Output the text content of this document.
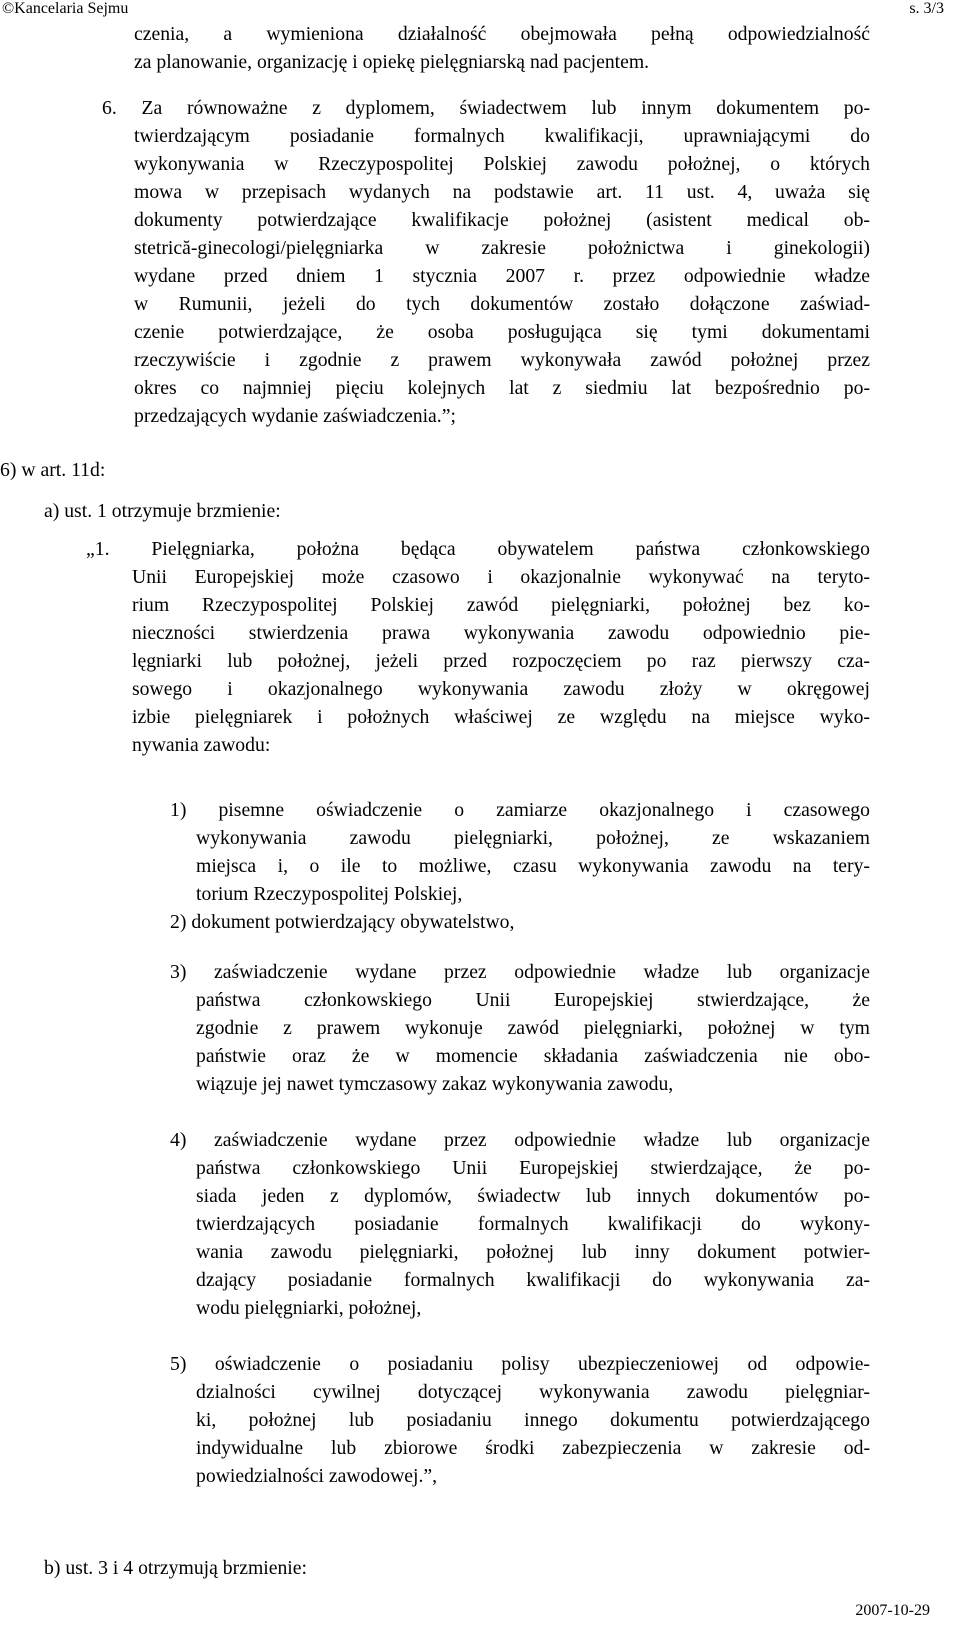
©Kancelaria Sejmu	s. 3/3
czenia, a wymieniona działalność obejmowała pełną odpowiedzialność
za planowanie, organizację i opiekę pielęgniarską nad pacjentem.
6. Za równoważne z dyplomem, świadectwem lub innym dokumentem po-
twierdzającym posiadanie formalnych kwalifikacji, uprawniającymi do
wykonywania w Rzeczypospolitej Polskiej zawodu położnej, o których
mowa w przepisach wydanych na podstawie art. 11 ust. 4, uważa się
dokumenty potwierdzające kwalifikacje położnej (asistent medical ob-
stetrică-ginecologi/pielęgniarka w zakresie położnictwa i ginekologii)
wydane przed dniem 1 stycznia 2007 r. przez odpowiednie władze
w Rumunii, jeżeli do tych dokumentów zostało dołączone zaświad-
czenie potwierdzające, że osoba posługująca się tymi dokumentami
rzeczywiście i zgodnie z prawem wykonywała zawód położnej przez
okres co najmniej pięciu kolejnych lat z siedmiu lat bezpośrednio po-
przedzających wydanie zaświadczenia.”;
6) w art. 11d:
a) ust. 1 otrzymuje brzmienie:
„1. Pielęgniarka, położna będąca obywatelem państwa członkowskiego
Unii Europejskiej może czasowo i okazjonalnie wykonywać na teryto-
rium Rzeczypospolitej Polskiej zawód pielęgniarki, położnej bez ko-
nieczności stwierdzenia prawa wykonywania zawodu odpowiednio pie-
lęgniarki lub położnej, jeżeli przed rozpoczęciem po raz pierwszy cza-
sowego i okazjonalnego wykonywania zawodu złoży w okręgowej
izbie pielęgniarek i położnych właściwej ze względu na miejsce wyko-
nywania zawodu:
1) pisemne oświadczenie o zamiarze okazjonalnego i czasowego
wykonywania zawodu pielęgniarki, położnej, ze wskazaniem
miejsca i, o ile to możliwe, czasu wykonywania zawodu na tery-
torium Rzeczypospolitej Polskiej,
2) dokument potwierdzający obywatelstwo,
3) zaświadczenie wydane przez odpowiednie władze lub organizacje
państwa członkowskiego Unii Europejskiej stwierdzające, że
zgodnie z prawem wykonuje zawód pielęgniarki, położnej w tym
państwie oraz że w momencie składania zaświadczenia nie obo-
wiązuje jej nawet tymczasowy zakaz wykonywania zawodu,
4) zaświadczenie wydane przez odpowiednie władze lub organizacje
państwa członkowskiego Unii Europejskiej stwierdzające, że po-
siada jeden z dyplomów, świadectw lub innych dokumentów po-
twierdzających posiadanie formalnych kwalifikacji do wykony-
wania zawodu pielęgniarki, położnej lub inny dokument potwier-
dzający posiadanie formalnych kwalifikacji do wykonywania za-
wodu pielęgniarki, położnej,
5) oświadczenie o posiadaniu polisy ubezpieczeniowej od odpowie-
dzialności cywilnej dotyczącej wykonywania zawodu pielęgniar-
ki, położnej lub posiadaniu innego dokumentu potwierdzającego
indywidualne lub zbiorowe środki zabezpieczenia w zakresie od-
powiedzialności zawodowej.”,
b) ust. 3 i 4 otrzymują brzmienie:
2007-10-29
